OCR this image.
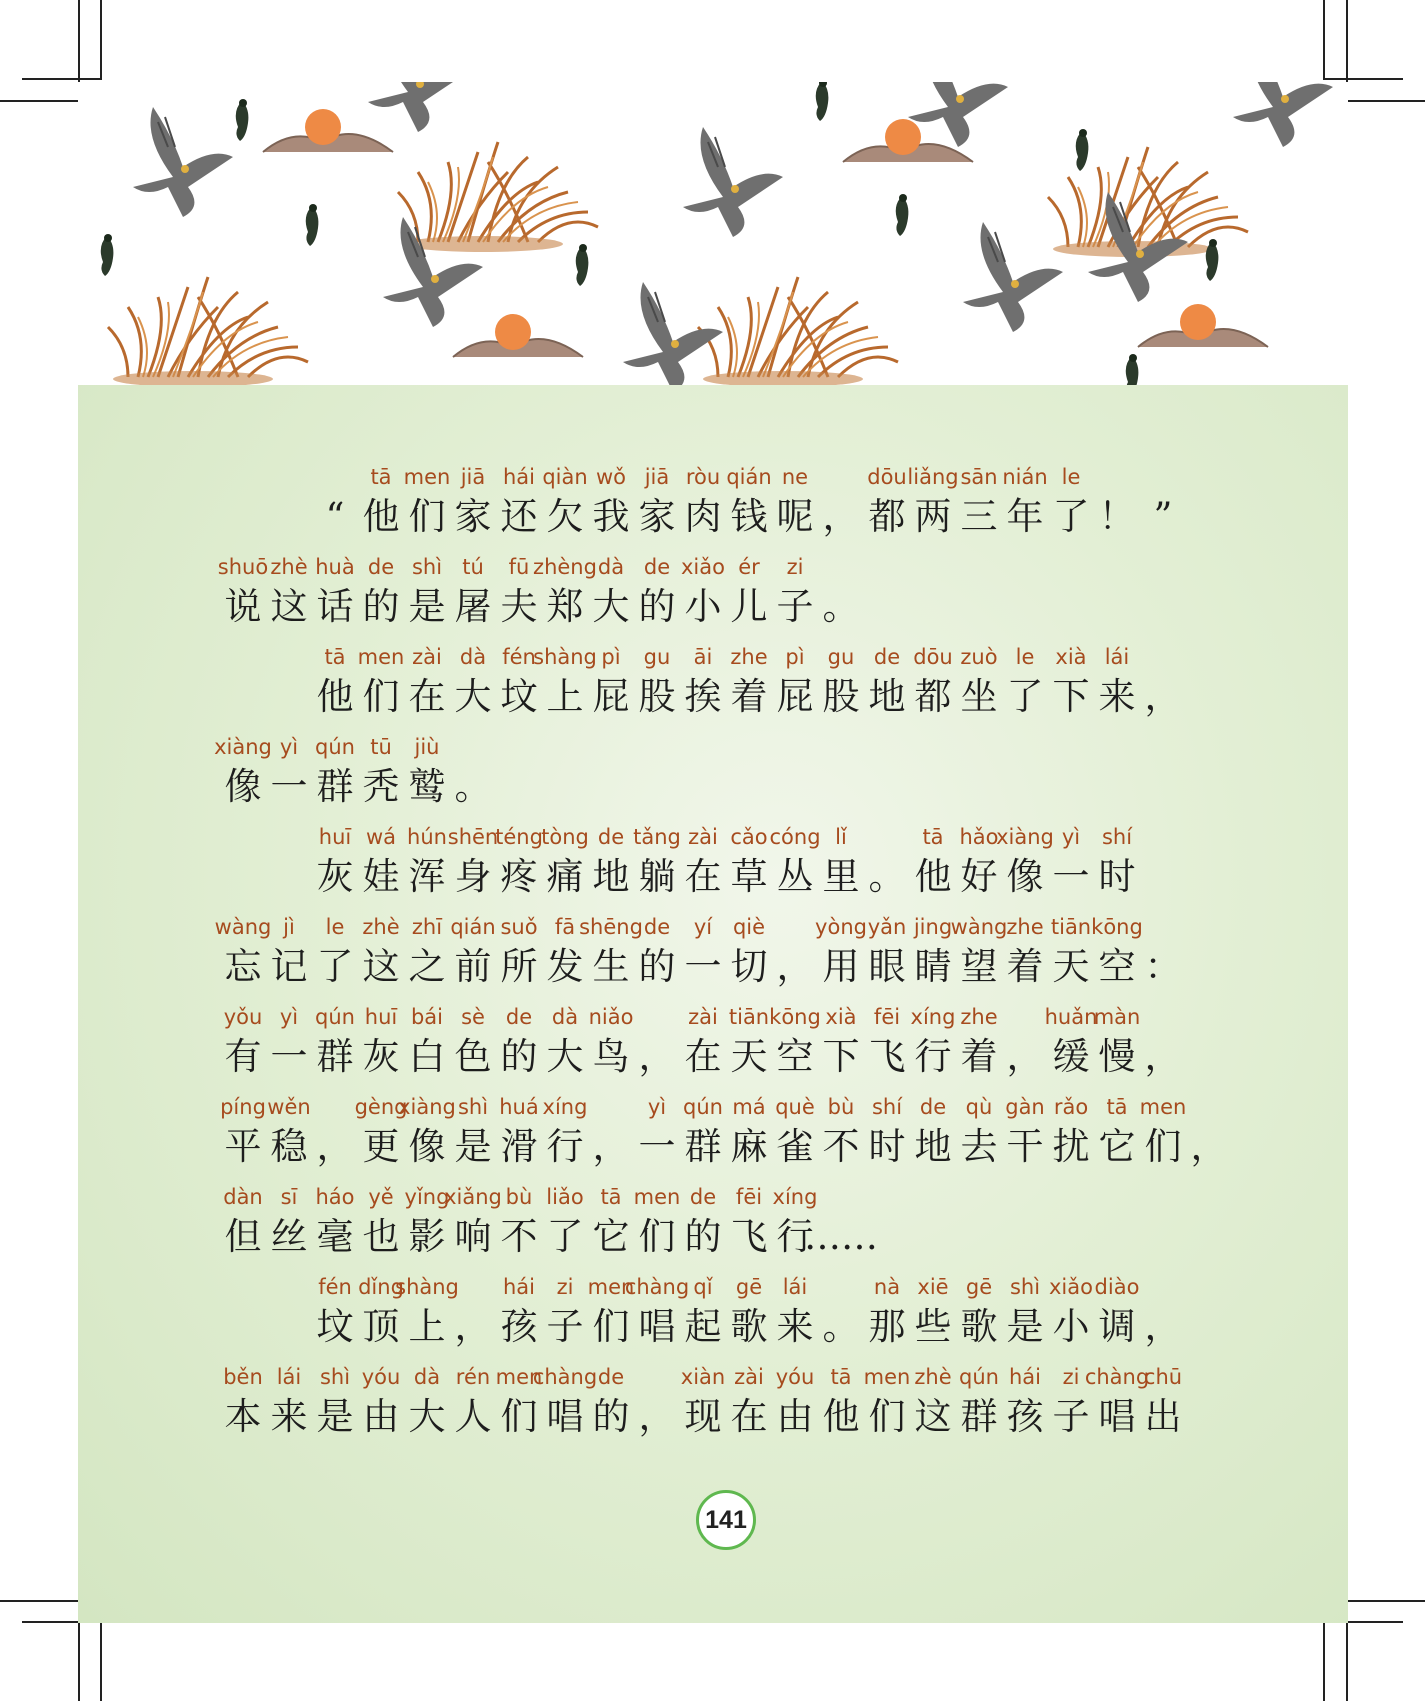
“
tā
他
men
们
jiā
家
hái
还
qiàn
欠
wǒ
我
jiā
家
ròu
肉
qián
钱
ne
呢 ，
dōu
都
liǎng
两
sān
三
nián
年
le
了 ！ ”
shuō
说
zhè
这
huà
话
de
的
shì
是
tú
屠
fū
夫
zhèng
郑
dà
大
de
的
xiǎo
小
ér
儿
zi
子 。
tā
他
men
们
zài
在
dà
大
fén
坟
shàng
上
pì
屁
gu
股
āi
挨
zhe
着
pì
屁
gu
股
de
地
dōu
都
zuò
坐
le
了
xià
下
lái
来 ，
xiàng
像
yì
一
qún
群
tū
秃
jiù
鹫 。
huī
灰
wá
娃
hún
浑
shēn
身
téng
疼
tòng
痛
de
地
tǎng
躺
zài
在
cǎo
草
cóng
丛
lǐ
里 。
tā
他
hǎo
好
xiàng
像
yì
一
shí
时
wàng
忘
jì
记
le
了
zhè
这
zhī
之
qián
前
suǒ
所
fā
发
shēng
生
de
的
yí
一
qiè
切 ，
yòng
用
yǎn
眼
jing
睛
wàng
望
zhe
着
tiān
天
kōng
空 ：
yǒu
有
yì
一
qún
群
huī
灰
bái
白
sè
色
de
的
dà
大
niǎo
鸟 ，
zài
在
tiān
天
kōng
空
xià
下
fēi
飞
xíng
行
zhe
着 ，
huǎn
缓
màn
慢 ，
píng
平
wěn
稳 ，
gèng
更
xiàng
像
shì
是
huá
滑
xíng
行 ，
yì
一
qún
群
má
麻
què
雀
bù
不
shí
时
de
地
qù
去
gàn
干
rǎo
扰
tā
它
men
们 ，
dàn
但
sī
丝
háo
毫
yě
也
yǐng
影
xiǎng
响
bù
不
liǎo
了
tā
它
men
们
de
的
fēi
飞
xíng
行
……
fén
坟
dǐng
顶
shàng
上 ，
hái
孩
zi
子
men
们
chàng
唱
qǐ
起
gē
歌
lái
来 。
nà
那
xiē
些
gē
歌
shì
是
xiǎo
小
diào
调 ，
běn
本
lái
来
shì
是
yóu
由
dà
大
rén
人
men
们
chàng
唱
de
的 ，
xiàn
现
zài
在
yóu
由
tā
他
men
们
zhè
这
qún
群
hái
孩
zi
子
chàng
唱
chū
出
141
